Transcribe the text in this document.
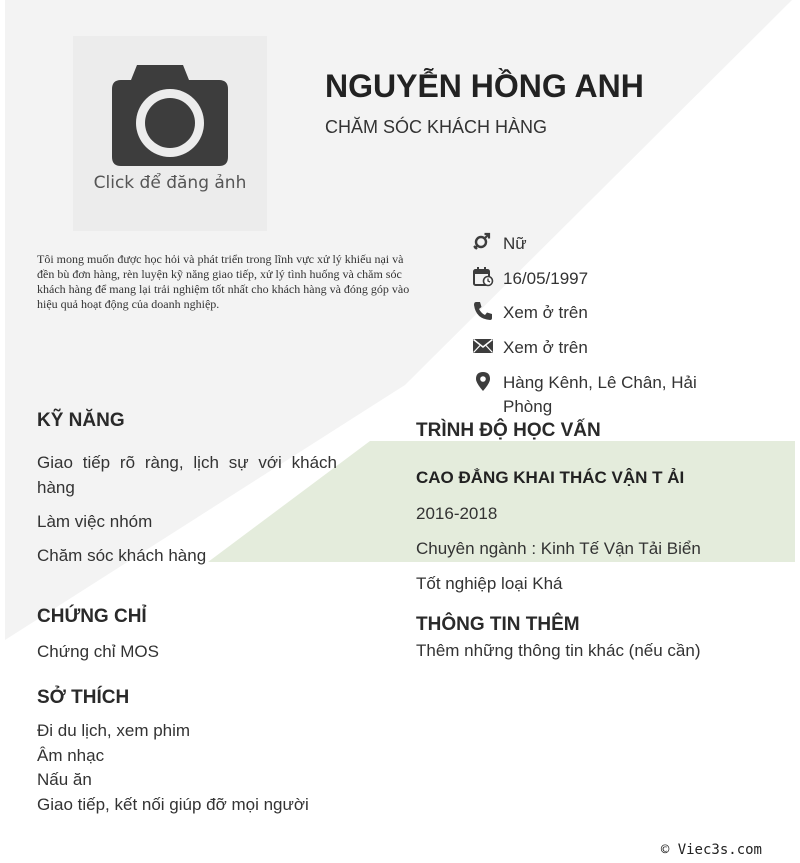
Click để đăng ảnh
NGUYỄN HỒNG ANH
CHĂM SÓC KHÁCH HÀNG
Tôi mong muốn được học hỏi và phát triển trong lĩnh vực xử lý khiếu nại và đền bù đơn hàng, rèn luyện kỹ năng giao tiếp, xử lý tình huống và chăm sóc khách hàng để mang lại trải nghiệm tốt nhất cho khách hàng và đóng góp vào hiệu quả hoạt động của doanh nghiệp.
Nữ
16/05/1997
Xem ở trên
Xem ở trên
Hàng Kênh, Lê Chân, Hải Phòng
KỸ NĂNG
Giao tiếp rõ ràng, lịch sự với khách hàng
Làm việc nhóm
Chăm sóc khách hàng
CHỨNG CHỈ
Chứng chỉ MOS
SỞ THÍCH
Đi du lịch, xem phim
Âm nhạc
Nấu ăn
Giao tiếp, kết nối giúp đỡ mọi người
TRÌNH ĐỘ HỌC VẤN
CAO ĐẲNG KHAI THÁC VẬN T ẢI
2016-2018
Chuyên ngành : Kinh Tế Vận Tải Biển
Tốt nghiệp loại Khá
THÔNG TIN THÊM
Thêm những thông tin khác (nếu cần)
© Viec3s.com
